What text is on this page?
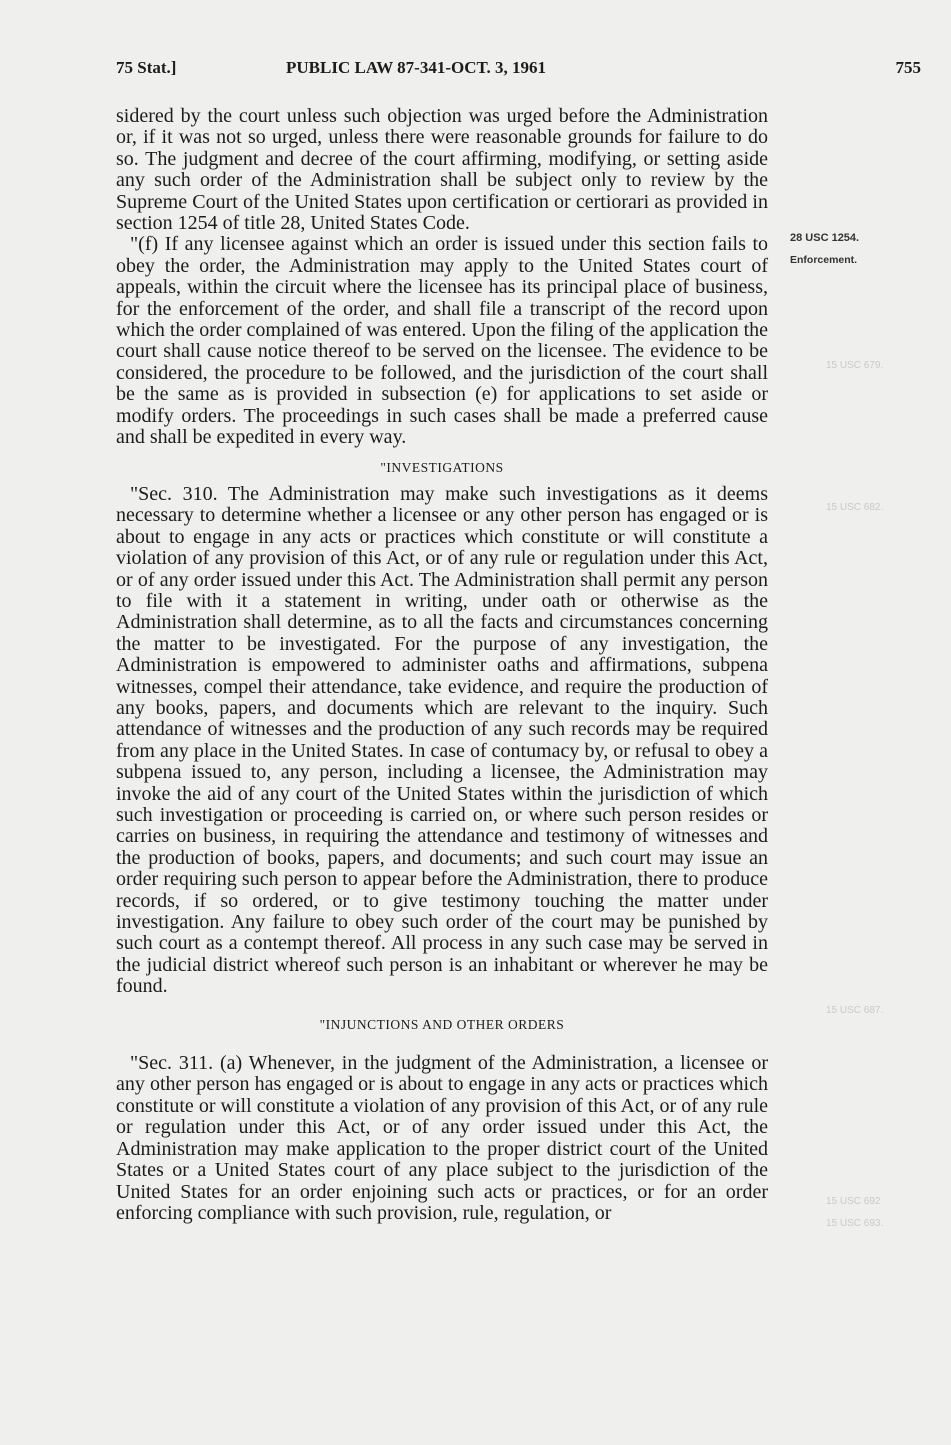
75 Stat.]	PUBLIC LAW 87-341-OCT. 3, 1961	755

sidered by the court unless such objection was urged before the Administration or, if it was not so urged, unless there were reasonable grounds for failure to do so. The judgment and decree of the court affirming, modifying, or setting aside any such order of the Administration shall be subject only to review by the Supreme Court of the United States upon certification or certiorari as provided in section 1254 of title 28, United States Code.

"(f) If any licensee against which an order is issued under this section fails to obey the order, the Administration may apply to the United States court of appeals, within the circuit where the licensee has its principal place of business, for the enforcement of the order, and shall file a transcript of the record upon which the order complained of was entered. Upon the filing of the application the court shall cause notice thereof to be served on the licensee. The evidence to be considered, the procedure to be followed, and the jurisdiction of the court shall be the same as is provided in subsection (e) for applications to set aside or modify orders. The proceedings in such cases shall be made a preferred cause and shall be expedited in every way.

"INVESTIGATIONS

"Sec. 310. The Administration may make such investigations as it deems necessary to determine whether a licensee or any other person has engaged or is about to engage in any acts or practices which constitute or will constitute a violation of any provision of this Act, or of any rule or regulation under this Act, or of any order issued under this Act. The Administration shall permit any person to file with it a statement in writing, under oath or otherwise as the Administration shall determine, as to all the facts and circumstances concerning the matter to be investigated. For the purpose of any investigation, the Administration is empowered to administer oaths and affirmations, subpena witnesses, compel their attendance, take evidence, and require the production of any books, papers, and documents which are relevant to the inquiry. Such attendance of witnesses and the production of any such records may be required from any place in the United States. In case of contumacy by, or refusal to obey a subpena issued to, any person, including a licensee, the Administration may invoke the aid of any court of the United States within the jurisdiction of which such investigation or proceeding is carried on, or where such person resides or carries on business, in requiring the attendance and testimony of witnesses and the production of books, papers, and documents; and such court may issue an order requiring such person to appear before the Administration, there to produce records, if so ordered, or to give testimony touching the matter under investigation. Any failure to obey such order of the court may be punished by such court as a contempt thereof. All process in any such case may be served in the judicial district whereof such person is an inhabitant or wherever he may be found.

"INJUNCTIONS AND OTHER ORDERS

"Sec. 311. (a) Whenever, in the judgment of the Administration, a licensee or any other person has engaged or is about to engage in any acts or practices which constitute or will constitute a violation of any provision of this Act, or of any rule or regulation under this Act, or of any order issued under this Act, the Administration may make application to the proper district court of the United States or a United States court of any place subject to the jurisdiction of the United States for an order enjoining such acts or practices, or for an order enforcing compliance with such provision, rule, regulation, or

28 USC 1254.
Enforcement.
15 USC 679.
15 USC 682.
15 USC 687.
15 USC 692
15 USC 693.
